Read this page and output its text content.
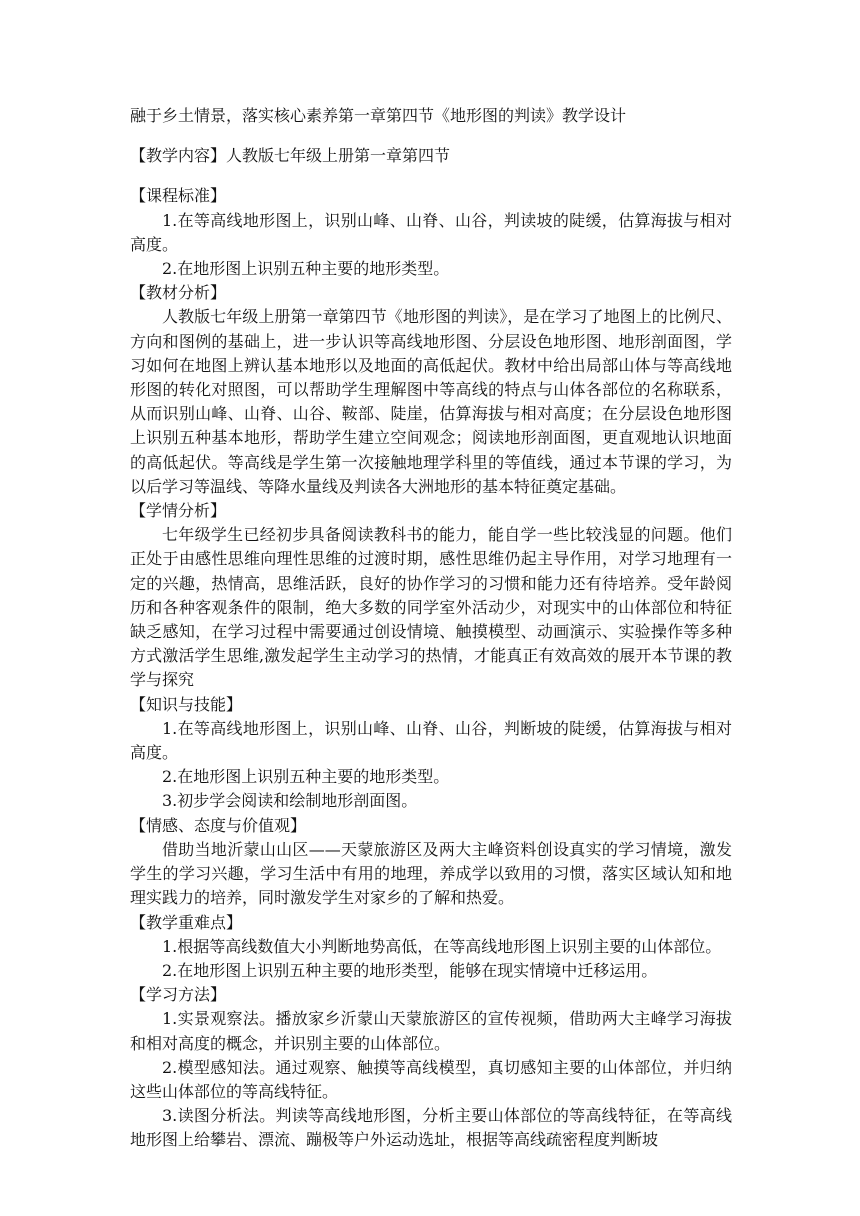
融于乡土情景，落实核心素养第一章第四节《地形图的判读》教学设计

【教学内容】人教版七年级上册第一章第四节

【课程标准】

1.在等高线地形图上，识别山峰、山脊、山谷，判读坡的陡缓，估算海拔与相对高度。

2.在地形图上识别五种主要的地形类型。

【教材分析】

人教版七年级上册第一章第四节《地形图的判读》，是在学习了地图上的比例尺、方向和图例的基础上，进一步认识等高线地形图、分层设色地形图、地形剖面图，学习如何在地图上辨认基本地形以及地面的高低起伏。教材中给出局部山体与等高线地形图的转化对照图，可以帮助学生理解图中等高线的特点与山体各部位的名称联系，从而识别山峰、山脊、山谷、鞍部、陡崖，估算海拔与相对高度；在分层设色地形图上识别五种基本地形，帮助学生建立空间观念；阅读地形剖面图，更直观地认识地面的高低起伏。等高线是学生第一次接触地理学科里的等值线，通过本节课的学习，为以后学习等温线、等降水量线及判读各大洲地形的基本特征奠定基础。

【学情分析】

七年级学生已经初步具备阅读教科书的能力，能自学一些比较浅显的问题。他们正处于由感性思维向理性思维的过渡时期，感性思维仍起主导作用，对学习地理有一定的兴趣，热情高，思维活跃，良好的协作学习的习惯和能力还有待培养。受年龄阅历和各种客观条件的限制，绝大多数的同学室外活动少，对现实中的山体部位和特征缺乏感知，在学习过程中需要通过创设情境、触摸模型、动画演示、实验操作等多种方式激活学生思维,激发起学生主动学习的热情，才能真正有效高效的展开本节课的教学与探究

【知识与技能】

1.在等高线地形图上，识别山峰、山脊、山谷，判断坡的陡缓，估算海拔与相对高度。

2.在地形图上识别五种主要的地形类型。

3.初步学会阅读和绘制地形剖面图。

【情感、态度与价值观】

借助当地沂蒙山山区——天蒙旅游区及两大主峰资料创设真实的学习情境，激发学生的学习兴趣，学习生活中有用的地理，养成学以致用的习惯，落实区域认知和地理实践力的培养，同时激发学生对家乡的了解和热爱。

【教学重难点】

1.根据等高线数值大小判断地势高低，在等高线地形图上识别主要的山体部位。

2.在地形图上识别五种主要的地形类型，能够在现实情境中迁移运用。

【学习方法】

1.实景观察法。播放家乡沂蒙山天蒙旅游区的宣传视频，借助两大主峰学习海拔和相对高度的概念，并识别主要的山体部位。

2.模型感知法。通过观察、触摸等高线模型，真切感知主要的山体部位，并归纳这些山体部位的等高线特征。

3.读图分析法。判读等高线地形图，分析主要山体部位的等高线特征，在等高线地形图上给攀岩、漂流、蹦极等户外运动选址，根据等高线疏密程度判断坡
